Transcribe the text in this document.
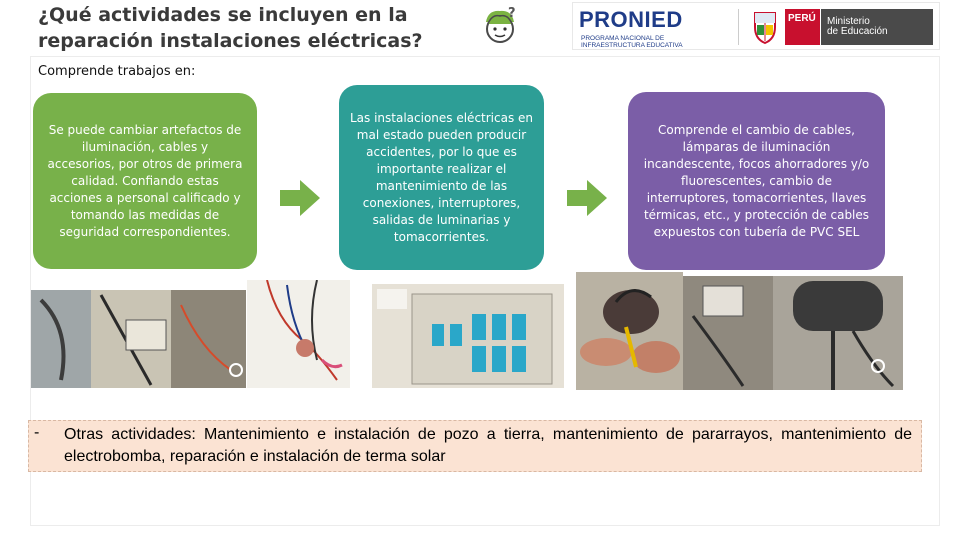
¿Qué actividades se incluyen en la reparación instalaciones eléctricas?
?	PRONIED
PROGRAMA NACIONAL DE INFRAESTRUCTURA EDUCATIVA
PERÚ	Ministerio
de Educación
Comprende trabajos en:
Se puede cambiar artefactos de iluminación, cables y accesorios, por otros de primera calidad. Confiando estas acciones a personal calificado y tomando las medidas de seguridad correspondientes.
Las instalaciones eléctricas en mal estado pueden producir accidentes, por lo que es importante realizar el mantenimiento de las conexiones, interruptores, salidas de luminarias y tomacorrientes.
Comprende el cambio de cables, lámparas de iluminación incandescente, focos ahorradores y/o fluorescentes, cambio de interruptores, tomacorrientes, llaves térmicas, etc., y protección de cables expuestos con tubería de PVC SEL
- Otras actividades: Mantenimiento e instalación de pozo a tierra, mantenimiento de pararrayos, mantenimiento de electrobomba, reparación e instalación de terma solar
